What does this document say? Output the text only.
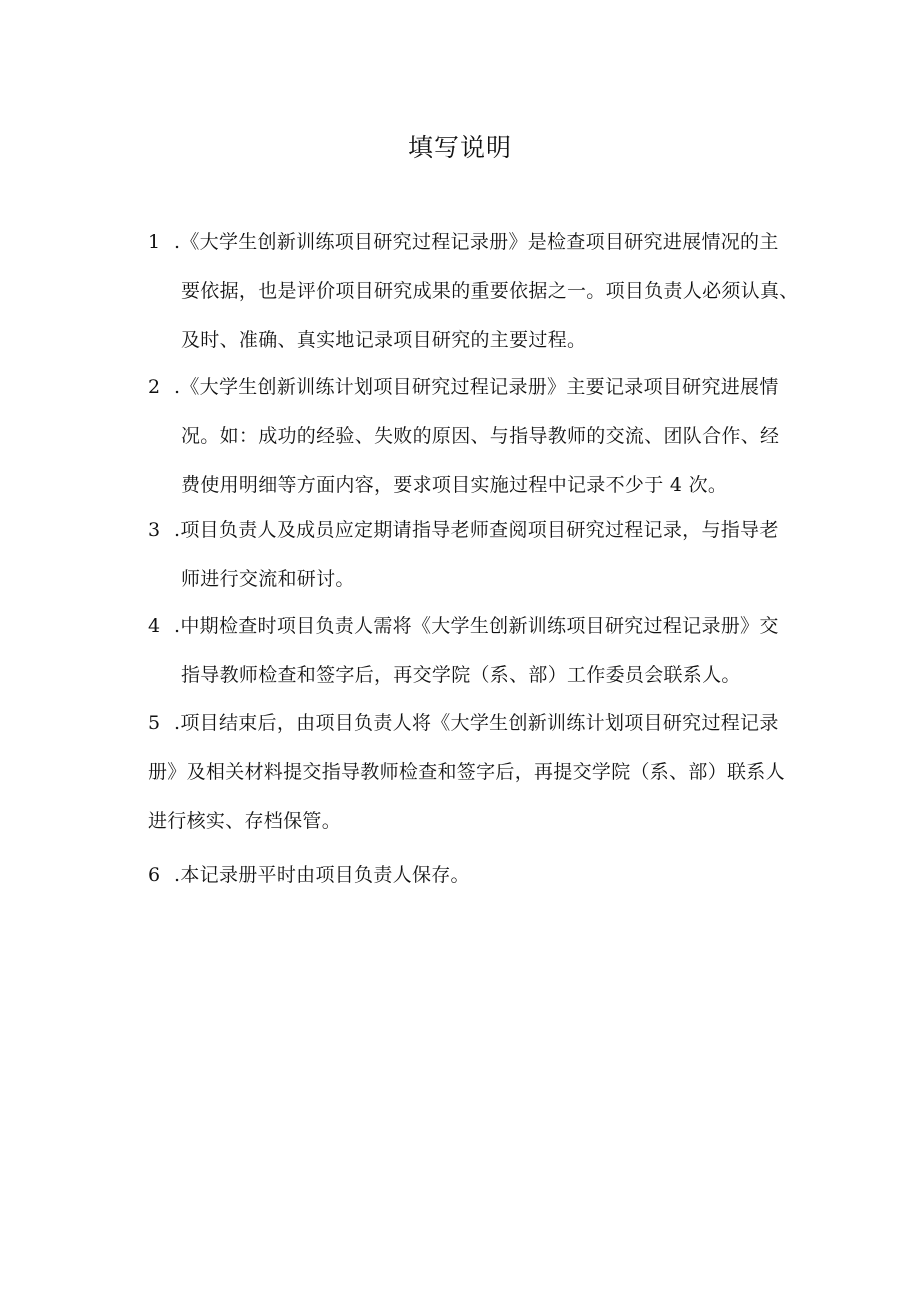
填写说明
1 .《大学生创新训练项目研究过程记录册》是检查项目研究进展情况的主
要依据，也是评价项目研究成果的重要依据之一。项目负责人必须认真、
及时、准确、真实地记录项目研究的主要过程。
2 .《大学生创新训练计划项目研究过程记录册》主要记录项目研究进展情
况。如：成功的经验、失败的原因、与指导教师的交流、团队合作、经
费使用明细等方面内容，要求项目实施过程中记录不少于 4 次。
3 .项目负责人及成员应定期请指导老师查阅项目研究过程记录，与指导老
师进行交流和研讨。
4 .中期检查时项目负责人需将《大学生创新训练项目研究过程记录册》交
指导教师检查和签字后，再交学院（系、部）工作委员会联系人。
5 .项目结束后，由项目负责人将《大学生创新训练计划项目研究过程记录
册》及相关材料提交指导教师检查和签字后，再提交学院（系、部）联系人
进行核实、存档保管。
6 .本记录册平时由项目负责人保存。
